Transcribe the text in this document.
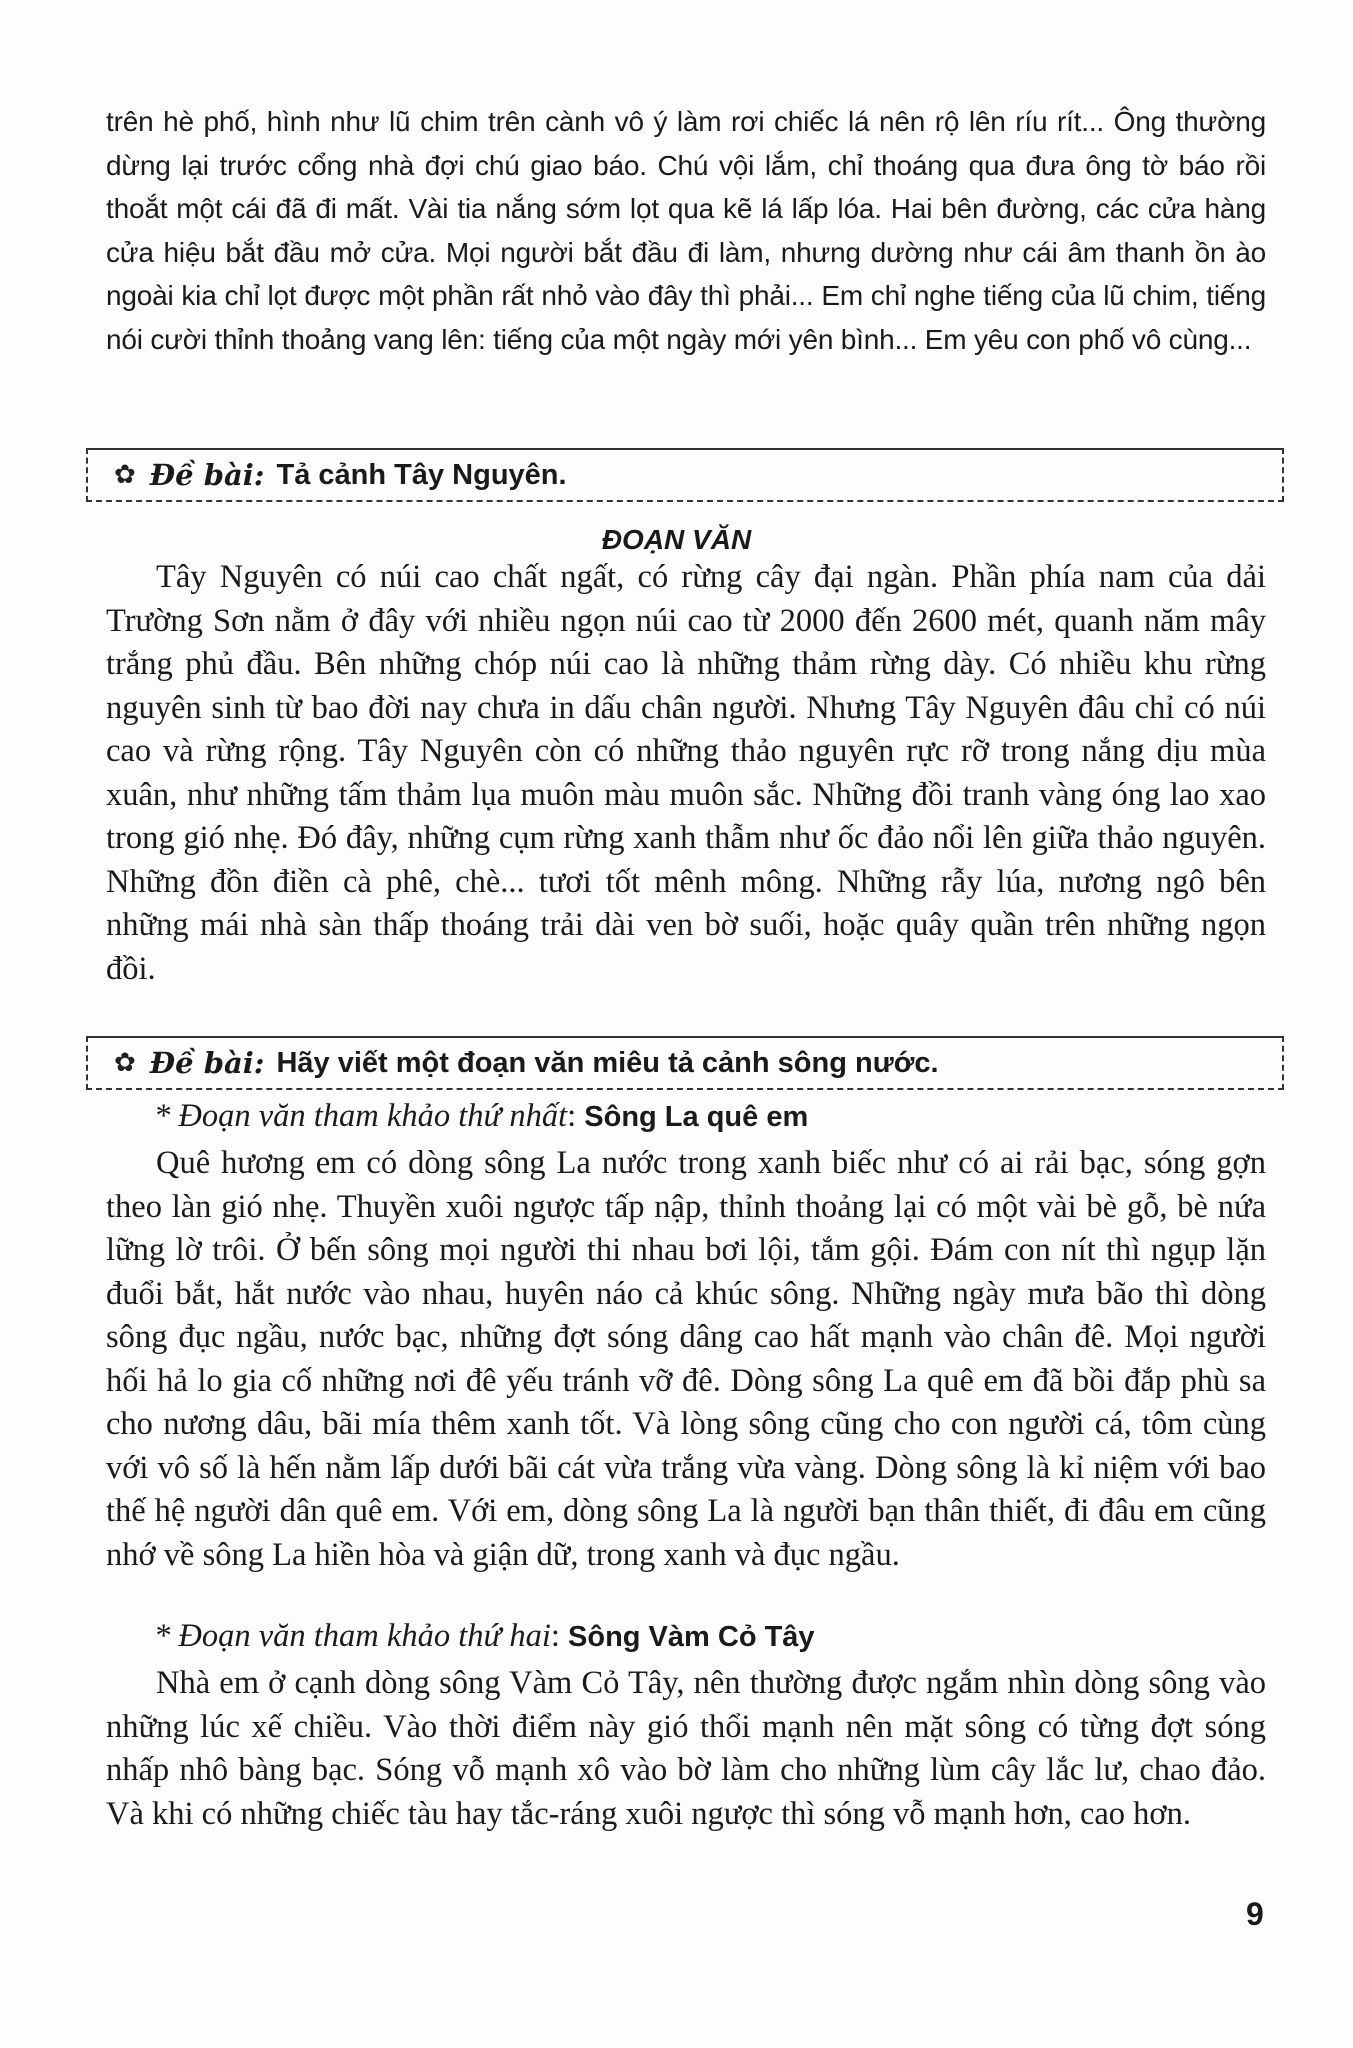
trên hè phố, hình như lũ chim trên cành vô ý làm rơi chiếc lá nên rộ lên ríu rít... Ông thường dừng lại trước cổng nhà đợi chú giao báo. Chú vội lắm, chỉ thoáng qua đưa ông tờ báo rồi thoắt một cái đã đi mất. Vài tia nắng sớm lọt qua kẽ lá lấp lóa. Hai bên đường, các cửa hàng cửa hiệu bắt đầu mở cửa. Mọi người bắt đầu đi làm, nhưng dường như cái âm thanh ồn ào ngoài kia chỉ lọt được một phần rất nhỏ vào đây thì phải... Em chỉ nghe tiếng của lũ chim, tiếng nói cười thỉnh thoảng vang lên: tiếng của một ngày mới yên bình... Em yêu con phố vô cùng...

✿ Đề bài: Tả cảnh Tây Nguyên.
ĐOẠN VĂN

Tây Nguyên có núi cao chất ngất, có rừng cây đại ngàn. Phần phía nam của dải Trường Sơn nằm ở đây với nhiều ngọn núi cao từ 2000 đến 2600 mét, quanh năm mây trắng phủ đầu. Bên những chóp núi cao là những thảm rừng dày. Có nhiều khu rừng nguyên sinh từ bao đời nay chưa in dấu chân người. Nhưng Tây Nguyên đâu chỉ có núi cao và rừng rộng. Tây Nguyên còn có những thảo nguyên rực rỡ trong nắng dịu mùa xuân, như những tấm thảm lụa muôn màu muôn sắc. Những đồi tranh vàng óng lao xao trong gió nhẹ. Đó đây, những cụm rừng xanh thẫm như ốc đảo nổi lên giữa thảo nguyên. Những đồn điền cà phê, chè... tươi tốt mênh mông. Những rẫy lúa, nương ngô bên những mái nhà sàn thấp thoáng trải dài ven bờ suối, hoặc quây quần trên những ngọn đồi.

✿ Đề bài: Hãy viết một đoạn văn miêu tả cảnh sông nước.
* Đoạn văn tham khảo thứ nhất: Sông La quê em

Quê hương em có dòng sông La nước trong xanh biếc như có ai rải bạc, sóng gợn theo làn gió nhẹ. Thuyền xuôi ngược tấp nập, thỉnh thoảng lại có một vài bè gỗ, bè nứa lững lờ trôi. Ở bến sông mọi người thi nhau bơi lội, tắm gội. Đám con nít thì ngụp lặn đuổi bắt, hắt nước vào nhau, huyên náo cả khúc sông. Những ngày mưa bão thì dòng sông đục ngầu, nước bạc, những đợt sóng dâng cao hất mạnh vào chân đê. Mọi người hối hả lo gia cố những nơi đê yếu tránh vỡ đê. Dòng sông La quê em đã bồi đắp phù sa cho nương dâu, bãi mía thêm xanh tốt. Và lòng sông cũng cho con người cá, tôm cùng với vô số là hến nằm lấp dưới bãi cát vừa trắng vừa vàng. Dòng sông là kỉ niệm với bao thế hệ người dân quê em. Với em, dòng sông La là người bạn thân thiết, đi đâu em cũng nhớ về sông La hiền hòa và giận dữ, trong xanh và đục ngầu.

* Đoạn văn tham khảo thứ hai: Sông Vàm Cỏ Tây

Nhà em ở cạnh dòng sông Vàm Cỏ Tây, nên thường được ngắm nhìn dòng sông vào những lúc xế chiều. Vào thời điểm này gió thổi mạnh nên mặt sông có từng đợt sóng nhấp nhô bàng bạc. Sóng vỗ mạnh xô vào bờ làm cho những lùm cây lắc lư, chao đảo. Và khi có những chiếc tàu hay tắc-ráng xuôi ngược thì sóng vỗ mạnh hơn, cao hơn.

9
